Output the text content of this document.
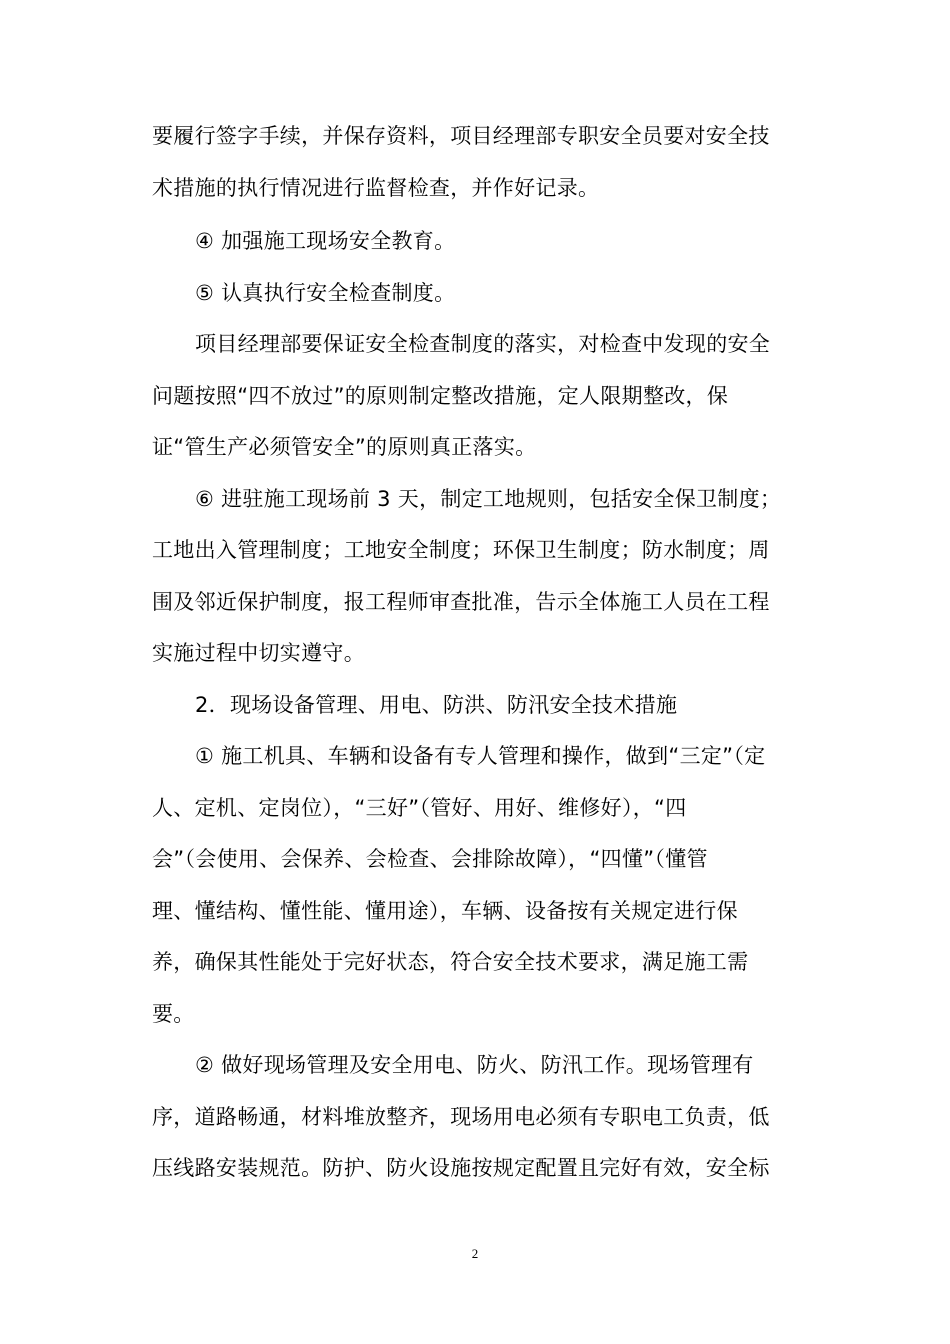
要履行签字手续，并保存资料，项目经理部专职安全员要对安全技
术措施的执行情况进行监督检查，并作好记录。
④ 加强施工现场安全教育。
⑤ 认真执行安全检查制度。
项目经理部要保证安全检查制度的落实，对检查中发现的安全
问题按照“四不放过”的原则制定整改措施，定人限期整改，保
证“管生产必须管安全”的原则真正落实。
⑥ 进驻施工现场前 3 天，制定工地规则，包括安全保卫制度；
工地出入管理制度；工地安全制度；环保卫生制度；防水制度；周
围及邻近保护制度，报工程师审查批准，告示全体施工人员在工程
实施过程中切实遵守。
2．现场设备管理、用电、防洪、防汛安全技术措施
① 施工机具、车辆和设备有专人管理和操作，做到“三定”（定
人、定机、定岗位），“三好”（管好、用好、维修好），“四
会”（会使用、会保养、会检查、会排除故障），“四懂”（懂管
理、懂结构、懂性能、懂用途），车辆、设备按有关规定进行保
养，确保其性能处于完好状态，符合安全技术要求，满足施工需
要。
② 做好现场管理及安全用电、防火、防汛工作。现场管理有
序，道路畅通，材料堆放整齐，现场用电必须有专职电工负责，低
压线路安装规范。防护、防火设施按规定配置且完好有效，安全标
2
